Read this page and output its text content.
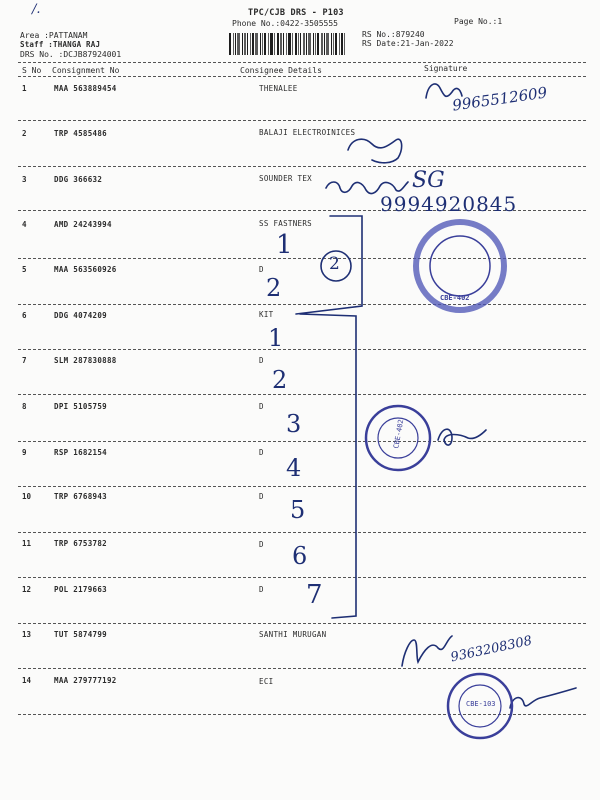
/.	TPC/CJB DRS - P103
Phone No.:0422-3505555	Page No.:1
Area :PATTANAM
Staff :THANGA RAJ
DRS No. :DCJB87924001
RS No.:879240
RS Date:21-Jan-2022
S No Consignment No	Consignee Details	Signature
1	MAA 563889454	THENALEE
2	TRP 4585486	BALAJI ELECTROINICES
3	DDG 366632	SOUNDER TEX
4	AMD 24243994	SS FASTNERS
5	MAA 563560926	D
6	DDG 4074209	KIT
7	SLM 287830888	D
8	DPI 5105759	D
9	RSP 1682154	D
10	TRP 6768943	D
11	TRP 6753782	D
12	POL 2179663	D
13	TUT 5874799	SANTHI MURUGAN
14	MAA 279777192	ECI
9965512609
SG
9994920845
2
1
2
1
2
3
4
5
6
7
9363208308
CBE-402
CBE-402
CBE-103
